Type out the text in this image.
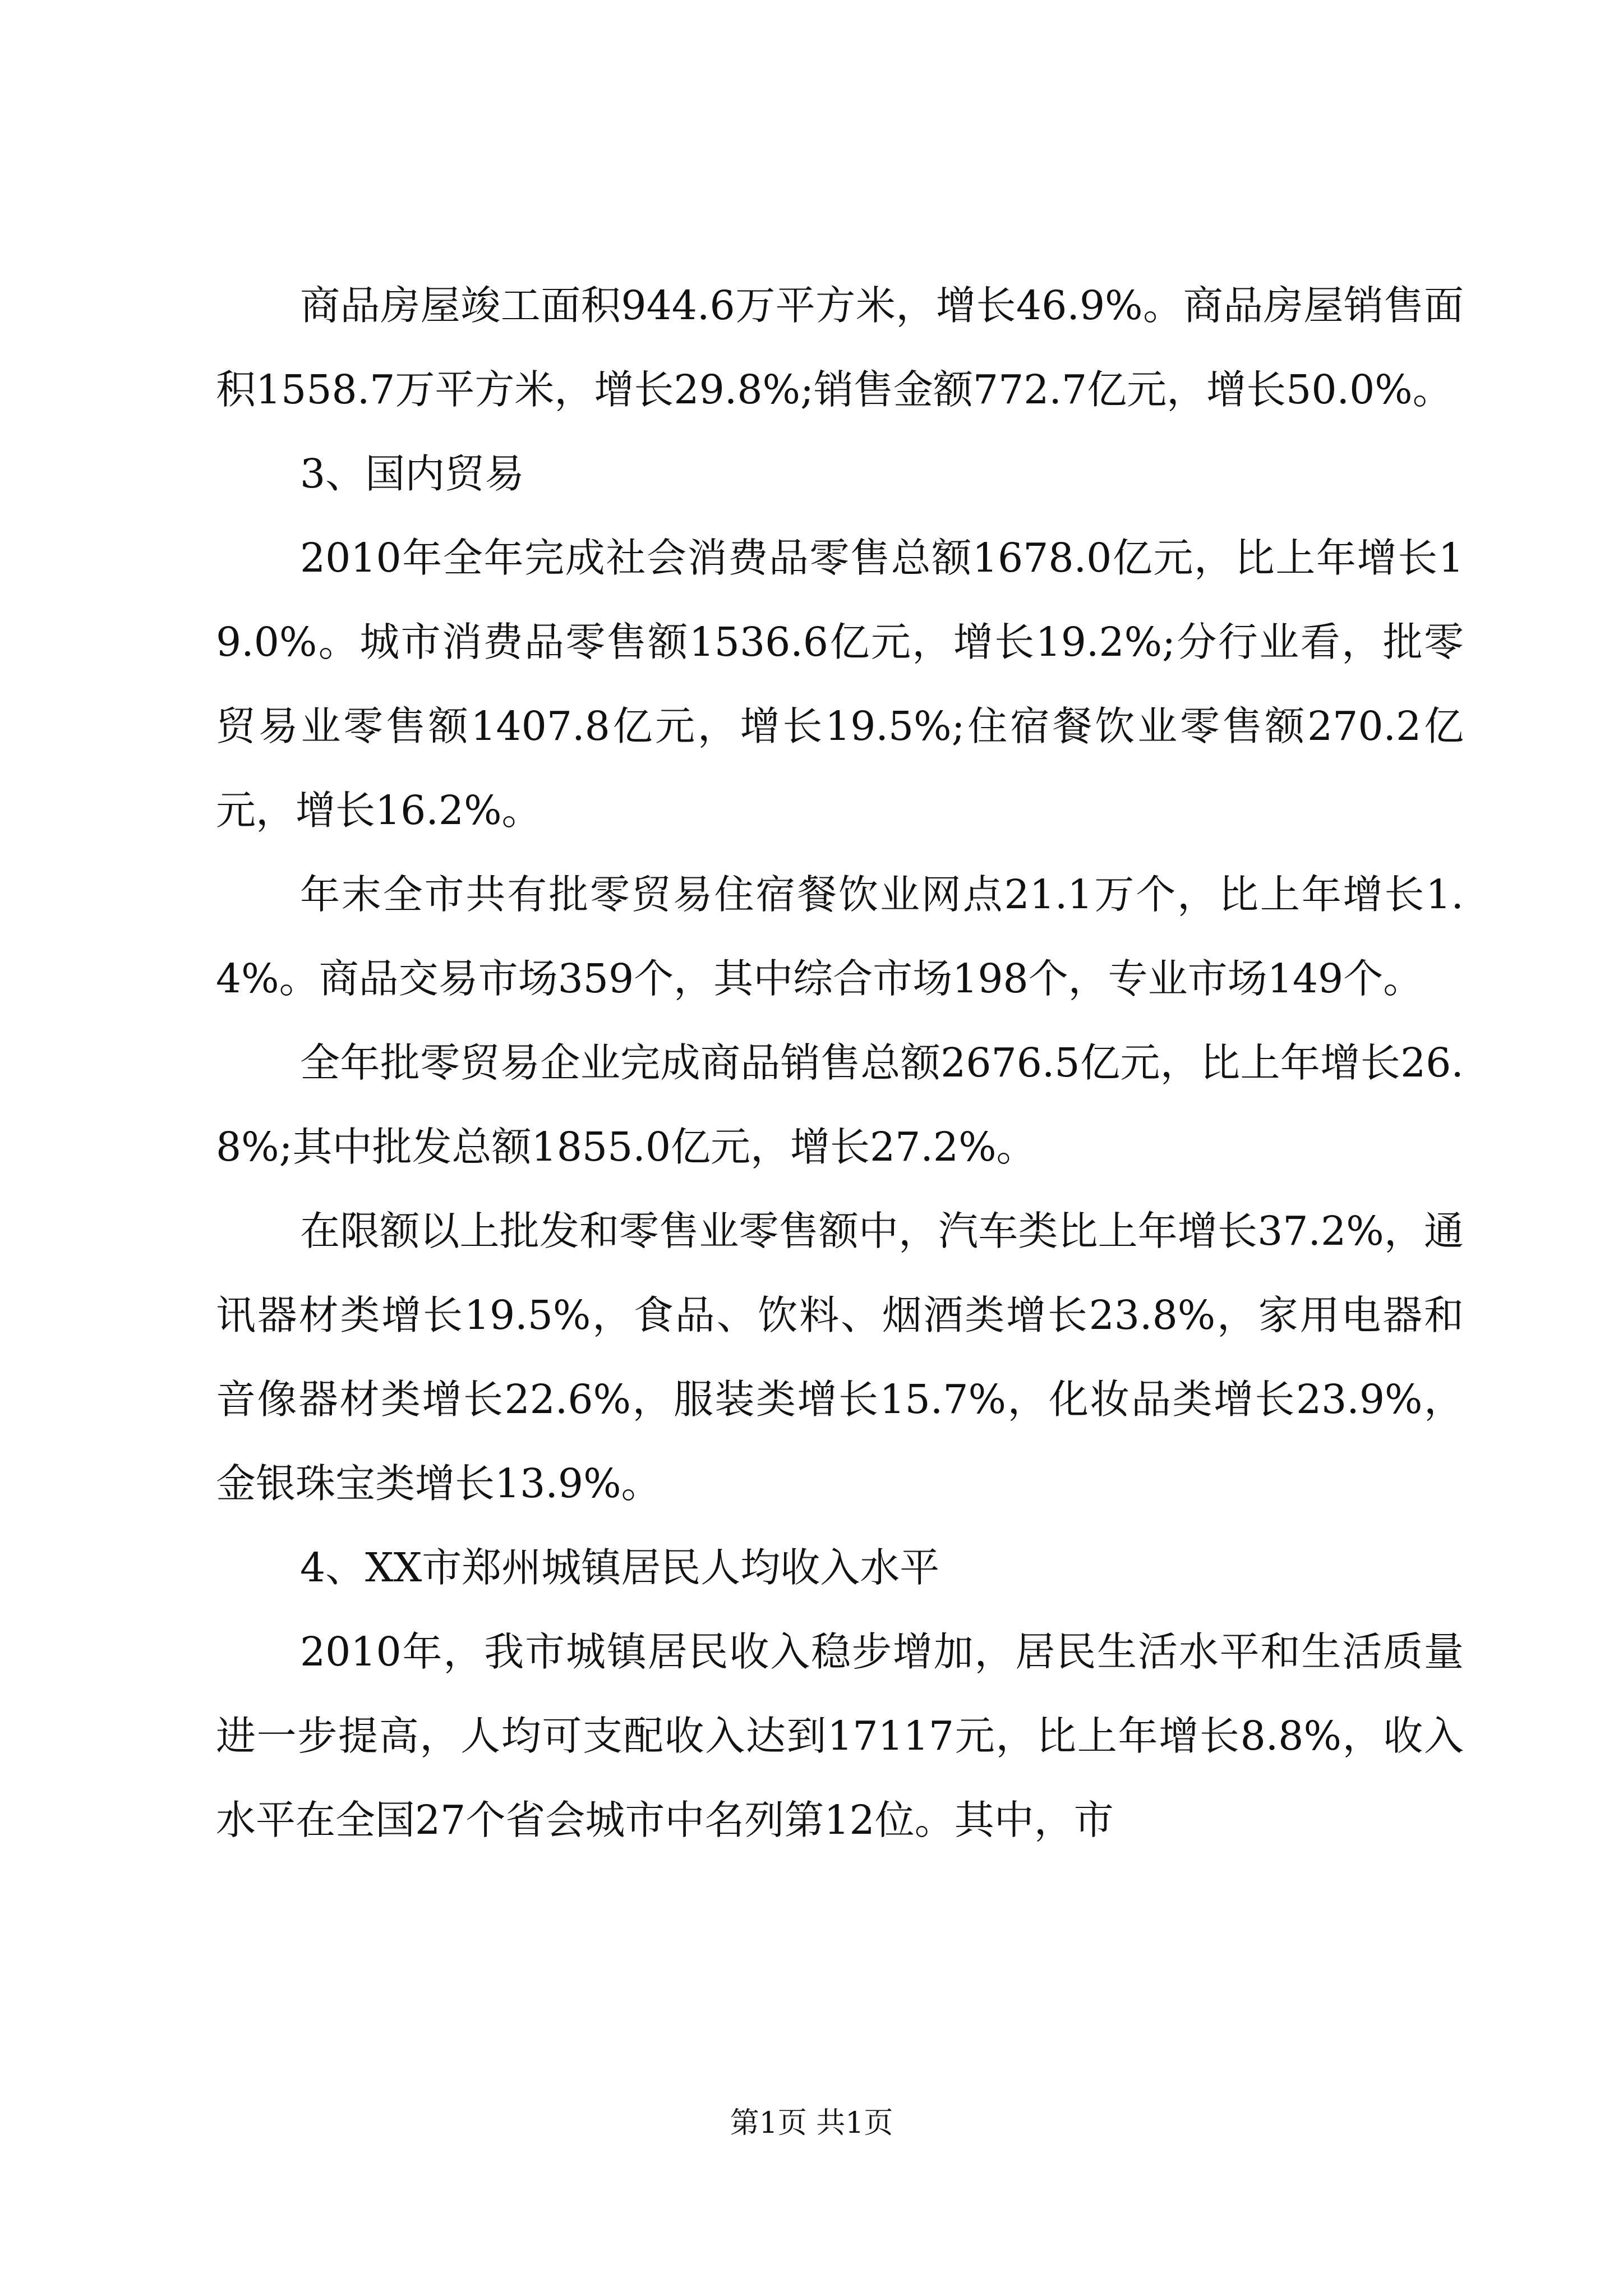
商品房屋竣工面积944.6万平方米，增长46.9%。商品房屋销售面积1558.7万平方米，增长29.8%;销售金额772.7亿元，增长50.0%。

3、国内贸易

2010年全年完成社会消费品零售总额1678.0亿元，比上年增长19.0%。城市消费品零售额1536.6亿元，增长19.2%;分行业看，批零贸易业零售额1407.8亿元，增长19.5%;住宿餐饮业零售额270.2亿元，增长16.2%。

年末全市共有批零贸易住宿餐饮业网点21.1万个，比上年增长1.4%。商品交易市场359个，其中综合市场198个，专业市场149个。

全年批零贸易企业完成商品销售总额2676.5亿元，比上年增长26.8%;其中批发总额1855.0亿元，增长27.2%。

在限额以上批发和零售业零售额中，汽车类比上年增长37.2%，通讯器材类增长19.5%，食品、饮料、烟酒类增长23.8%，家用电器和音像器材类增长22.6%，服装类增长15.7%，化妆品类增长23.9%，金银珠宝类增长13.9%。

4、XX市郑州城镇居民人均收入水平

2010年，我市城镇居民收入稳步增加，居民生活水平和生活质量进一步提高，人均可支配收入达到17117元，比上年增长8.8%，收入水平在全国27个省会城市中名列第12位。其中，市

第1页 共1页
